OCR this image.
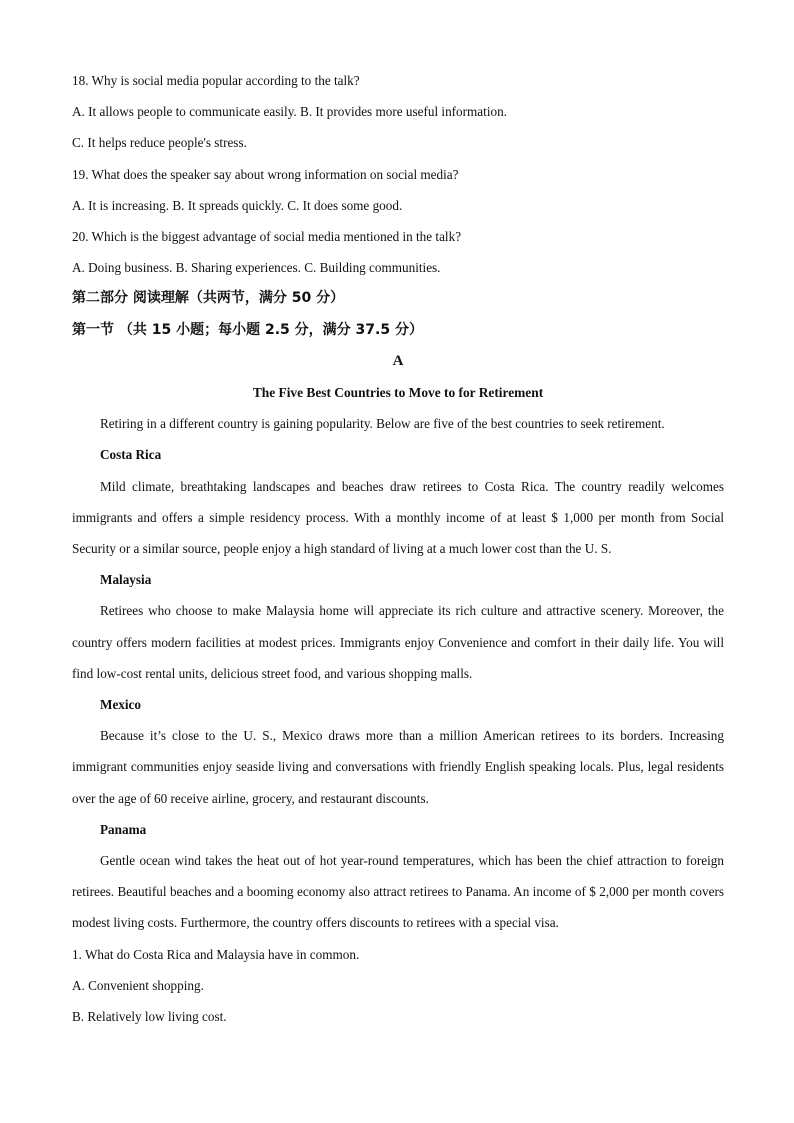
18. Why is social media popular according to the talk?

A. It allows people to communicate easily. B. It provides more useful information.

C. It helps reduce people's stress.

19. What does the speaker say about wrong information on social media?

A. It is increasing. B. It spreads quickly. C. It does some good.

20. Which is the biggest advantage of social media mentioned in the talk?

A. Doing business. B. Sharing experiences. C. Building communities.

第二部分 阅读理解（共两节，满分 50 分）

第一节 （共 15 小题；每小题 2.5 分，满分 37.5 分）

A

The Five Best Countries to Move to for Retirement

Retiring in a different country is gaining popularity. Below are five of the best countries to seek retirement.

Costa Rica

Mild climate, breathtaking landscapes and beaches draw retirees to Costa Rica. The country readily welcomes immigrants and offers a simple residency process. With a monthly income of at least $ 1,000 per month from Social Security or a similar source, people enjoy a high standard of living at a much lower cost than the U. S.

Malaysia

Retirees who choose to make Malaysia home will appreciate its rich culture and attractive scenery. Moreover, the country offers modern facilities at modest prices. Immigrants enjoy Convenience and comfort in their daily life. You will find low-cost rental units, delicious street food, and various shopping malls.

Mexico

Because it’s close to the U. S., Mexico draws more than a million American retirees to its borders. Increasing immigrant communities enjoy seaside living and conversations with friendly English speaking locals. Plus, legal residents over the age of 60 receive airline, grocery, and restaurant discounts.

Panama

Gentle ocean wind takes the heat out of hot year-round temperatures, which has been the chief attraction to foreign retirees. Beautiful beaches and a booming economy also attract retirees to Panama. An income of $ 2,000 per month covers modest living costs. Furthermore, the country offers discounts to retirees with a special visa.

1. What do Costa Rica and Malaysia have in common.

A. Convenient shopping.

B. Relatively low living cost.
